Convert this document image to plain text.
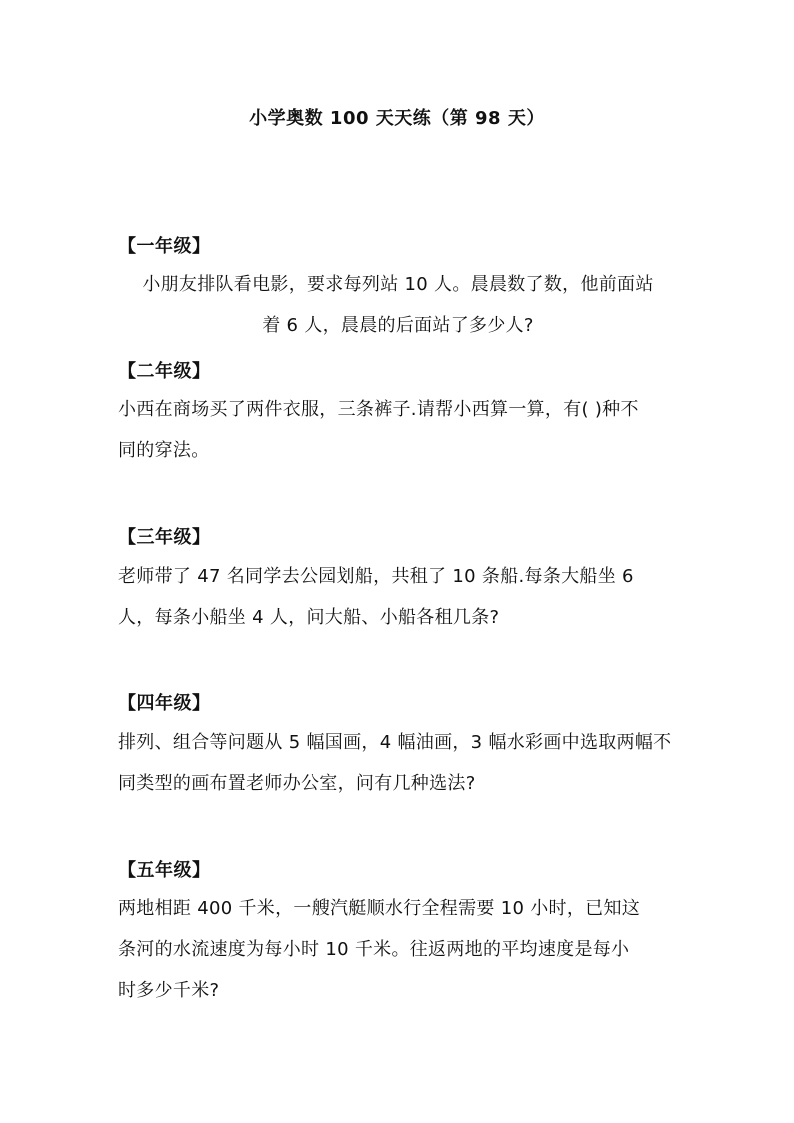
小学奥数 100 天天练（第 98 天）
【一年级】
小朋友排队看电影，要求每列站 10 人。晨晨数了数，他前面站
着 6 人，晨晨的后面站了多少人?
【二年级】
小西在商场买了两件衣服，三条裤子.请帮小西算一算，有( )种不
同的穿法。
【三年级】
老师带了 47 名同学去公园划船，共租了 10 条船.每条大船坐 6
人，每条小船坐 4 人，问大船、小船各租几条?
【四年级】
排列、组合等问题从 5 幅国画，4 幅油画，3 幅水彩画中选取两幅不
同类型的画布置老师办公室，问有几种选法?
【五年级】
两地相距 400 千米，一艘汽艇顺水行全程需要 10 小时，已知这
条河的水流速度为每小时 10 千米。往返两地的平均速度是每小
时多少千米?
